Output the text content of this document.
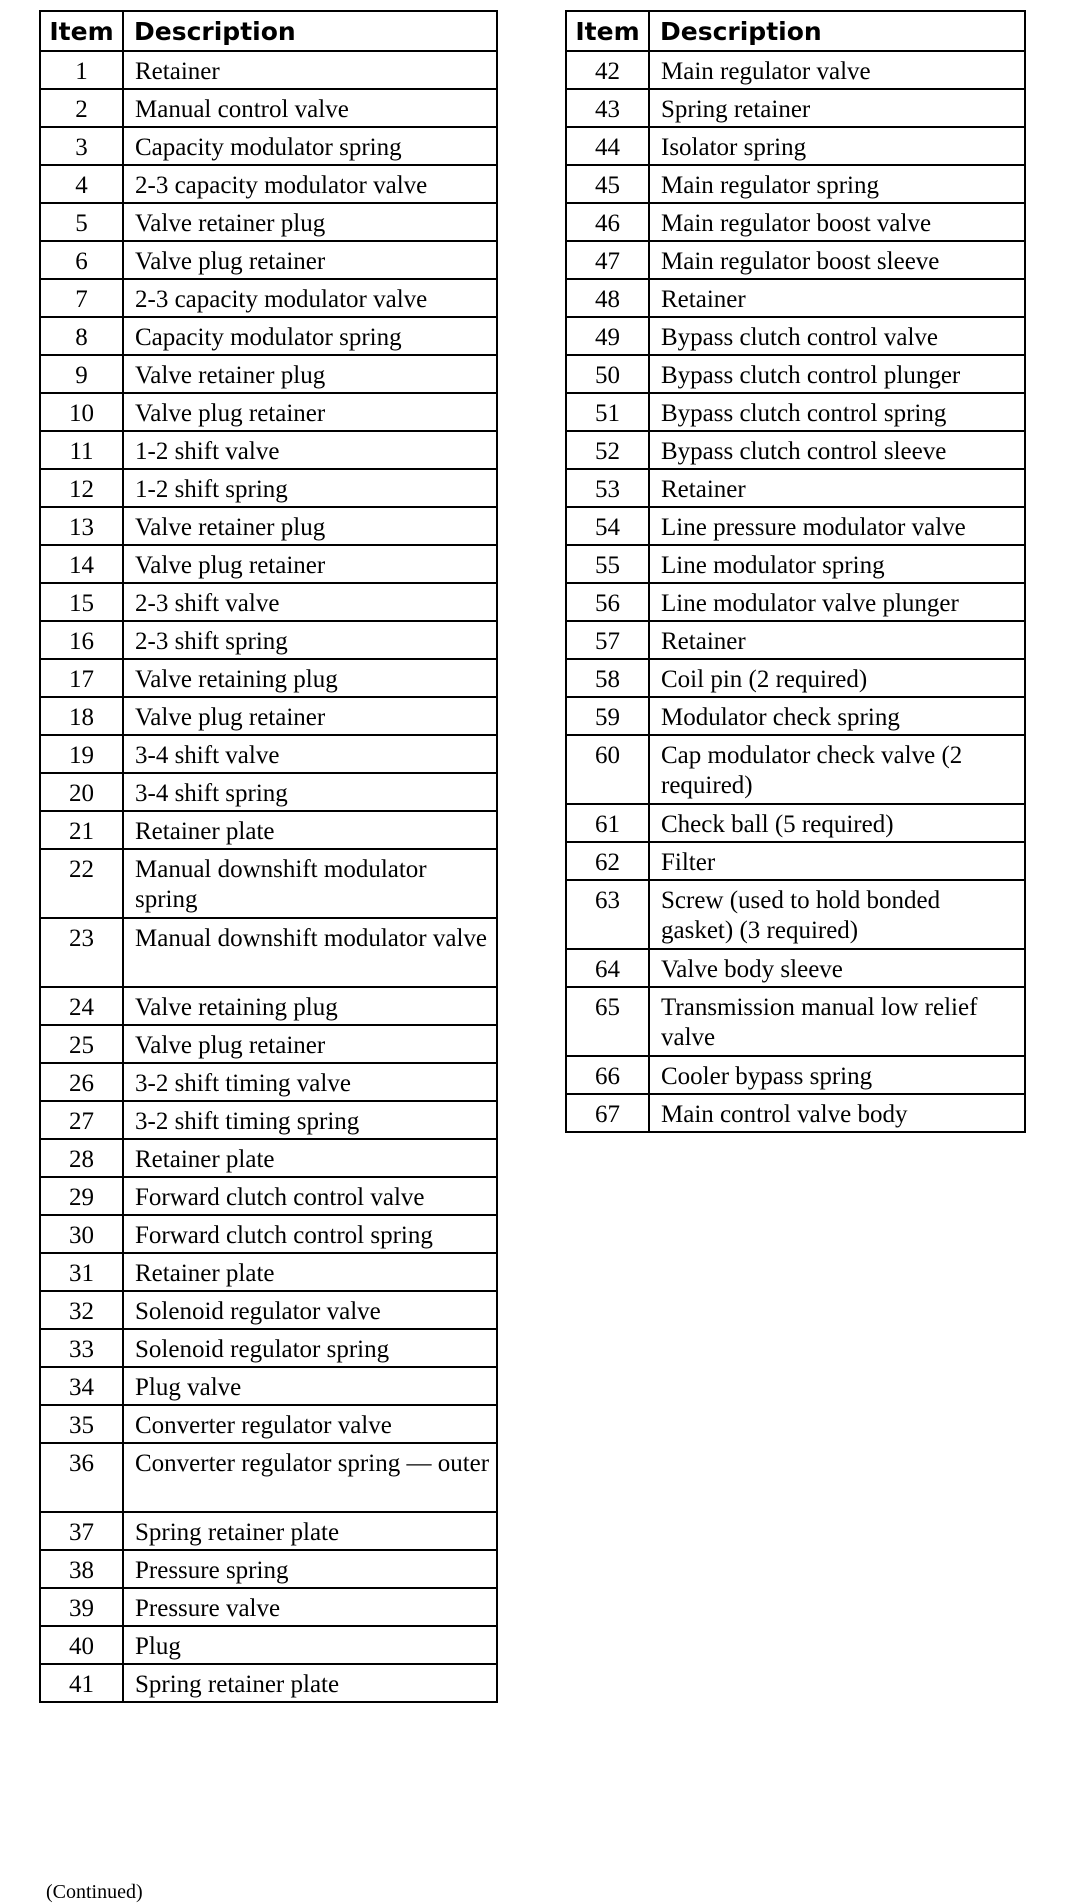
Item	Description
1	Retainer
2	Manual control valve
3	Capacity modulator spring
4	2-3 capacity modulator valve
5	Valve retainer plug
6	Valve plug retainer
7	2-3 capacity modulator valve
8	Capacity modulator spring
9	Valve retainer plug
10	Valve plug retainer
11	1-2 shift valve
12	1-2 shift spring
13	Valve retainer plug
14	Valve plug retainer
15	2-3 shift valve
16	2-3 shift spring
17	Valve retaining plug
18	Valve plug retainer
19	3-4 shift valve
20	3-4 shift spring
21	Retainer plate
22	Manual downshift modulator spring
23	Manual downshift modulator valve
24	Valve retaining plug
25	Valve plug retainer
26	3-2 shift timing valve
27	3-2 shift timing spring
28	Retainer plate
29	Forward clutch control valve
30	Forward clutch control spring
31	Retainer plate
32	Solenoid regulator valve
33	Solenoid regulator spring
34	Plug valve
35	Converter regulator valve
36	Converter regulator spring — outer
37	Spring retainer plate
38	Pressure spring
39	Pressure valve
40	Plug
41	Spring retainer plate
Item	Description
42	Main regulator valve
43	Spring retainer
44	Isolator spring
45	Main regulator spring
46	Main regulator boost valve
47	Main regulator boost sleeve
48	Retainer
49	Bypass clutch control valve
50	Bypass clutch control plunger
51	Bypass clutch control spring
52	Bypass clutch control sleeve
53	Retainer
54	Line pressure modulator valve
55	Line modulator spring
56	Line modulator valve plunger
57	Retainer
58	Coil pin (2 required)
59	Modulator check spring
60	Cap modulator check valve (2 required)
61	Check ball (5 required)
62	Filter
63	Screw (used to hold bonded gasket) (3 required)
64	Valve body sleeve
65	Transmission manual low relief valve
66	Cooler bypass spring
67	Main control valve body
(Continued)
